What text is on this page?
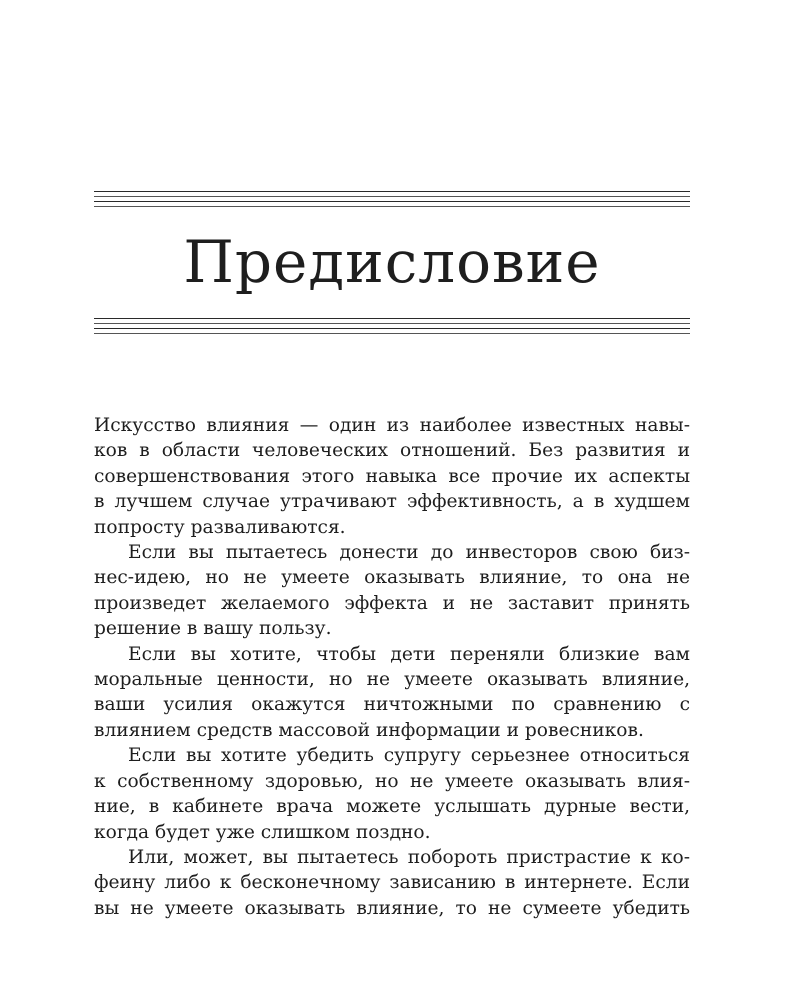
Предисловие

Искусство влияния — один из наиболее известных навы-
ков в области человеческих отношений. Без развития и
совершенствования этого навыка все прочие их аспекты
в лучшем случае утрачивают эффективность, а в худшем
попросту разваливаются.

Если вы пытаетесь донести до инвесторов свою биз-
нес-идею, но не умеете оказывать влияние, то она не
произведет желаемого эффекта и не заставит принять
решение в вашу пользу.

Если вы хотите, чтобы дети переняли близкие вам
моральные ценности, но не умеете оказывать влияние,
ваши усилия окажутся ничтожными по сравнению с
влиянием средств массовой информации и ровесников.

Если вы хотите убедить супругу серьезнее относиться
к собственному здоровью, но не умеете оказывать влия-
ние, в кабинете врача можете услышать дурные вести,
когда будет уже слишком поздно.

Или, может, вы пытаетесь побороть пристрастие к ко-
феину либо к бесконечному зависанию в интернете. Если
вы не умеете оказывать влияние, то не сумеете убедить
